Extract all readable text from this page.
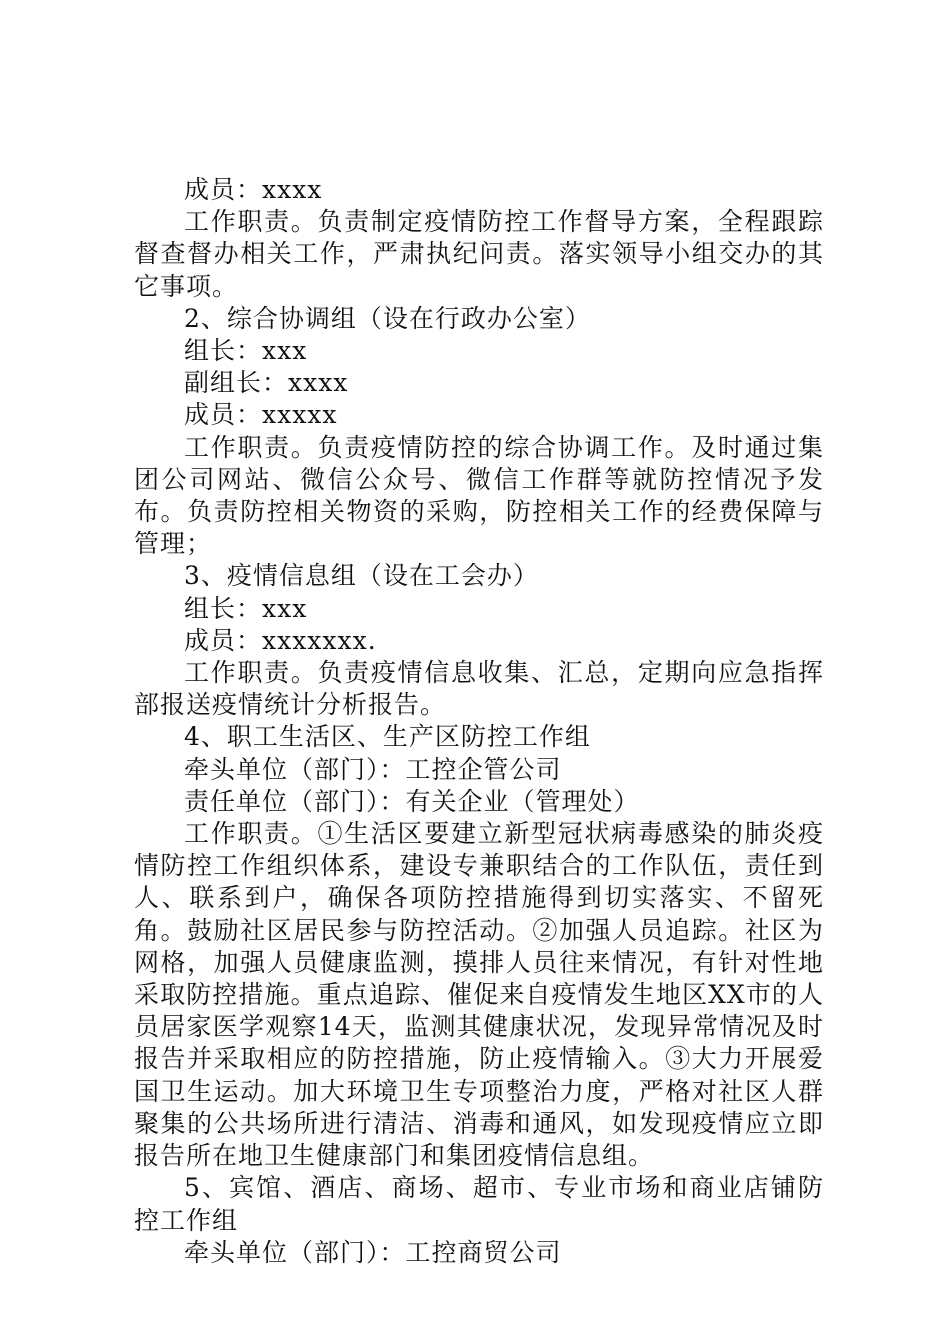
成员：xxxx

工作职责。负责制定疫情防控工作督导方案，全程跟踪督查督办相关工作，严肃执纪问责。落实领导小组交办的其它事项。

2、综合协调组（设在行政办公室）

组长：xxx

副组长：xxxx

成员：xxxxx

工作职责。负责疫情防控的综合协调工作。及时通过集团公司网站、微信公众号、微信工作群等就防控情况予发布。负责防控相关物资的采购，防控相关工作的经费保障与管理；

3、疫情信息组（设在工会办）

组长：xxx

成员：xxxxxxx.

工作职责。负责疫情信息收集、汇总，定期向应急指挥部报送疫情统计分析报告。

4、职工生活区、生产区防控工作组

牵头单位（部门）：工控企管公司

责任单位（部门）：有关企业（管理处）

工作职责。①生活区要建立新型冠状病毒感染的肺炎疫情防控工作组织体系，建设专兼职结合的工作队伍，责任到人、联系到户，确保各项防控措施得到切实落实、不留死角。鼓励社区居民参与防控活动。②加强人员追踪。社区为网格，加强人员健康监测，摸排人员往来情况，有针对性地采取防控措施。重点追踪、催促来自疫情发生地区XX市的人员居家医学观察14天，监测其健康状况，发现异常情况及时报告并采取相应的防控措施，防止疫情输入。③大力开展爱国卫生运动。加大环境卫生专项整治力度，严格对社区人群聚集的公共场所进行清洁、消毒和通风，如发现疫情应立即报告所在地卫生健康部门和集团疫情信息组。

5、宾馆、酒店、商场、超市、专业市场和商业店铺防控工作组

牵头单位（部门）：工控商贸公司
